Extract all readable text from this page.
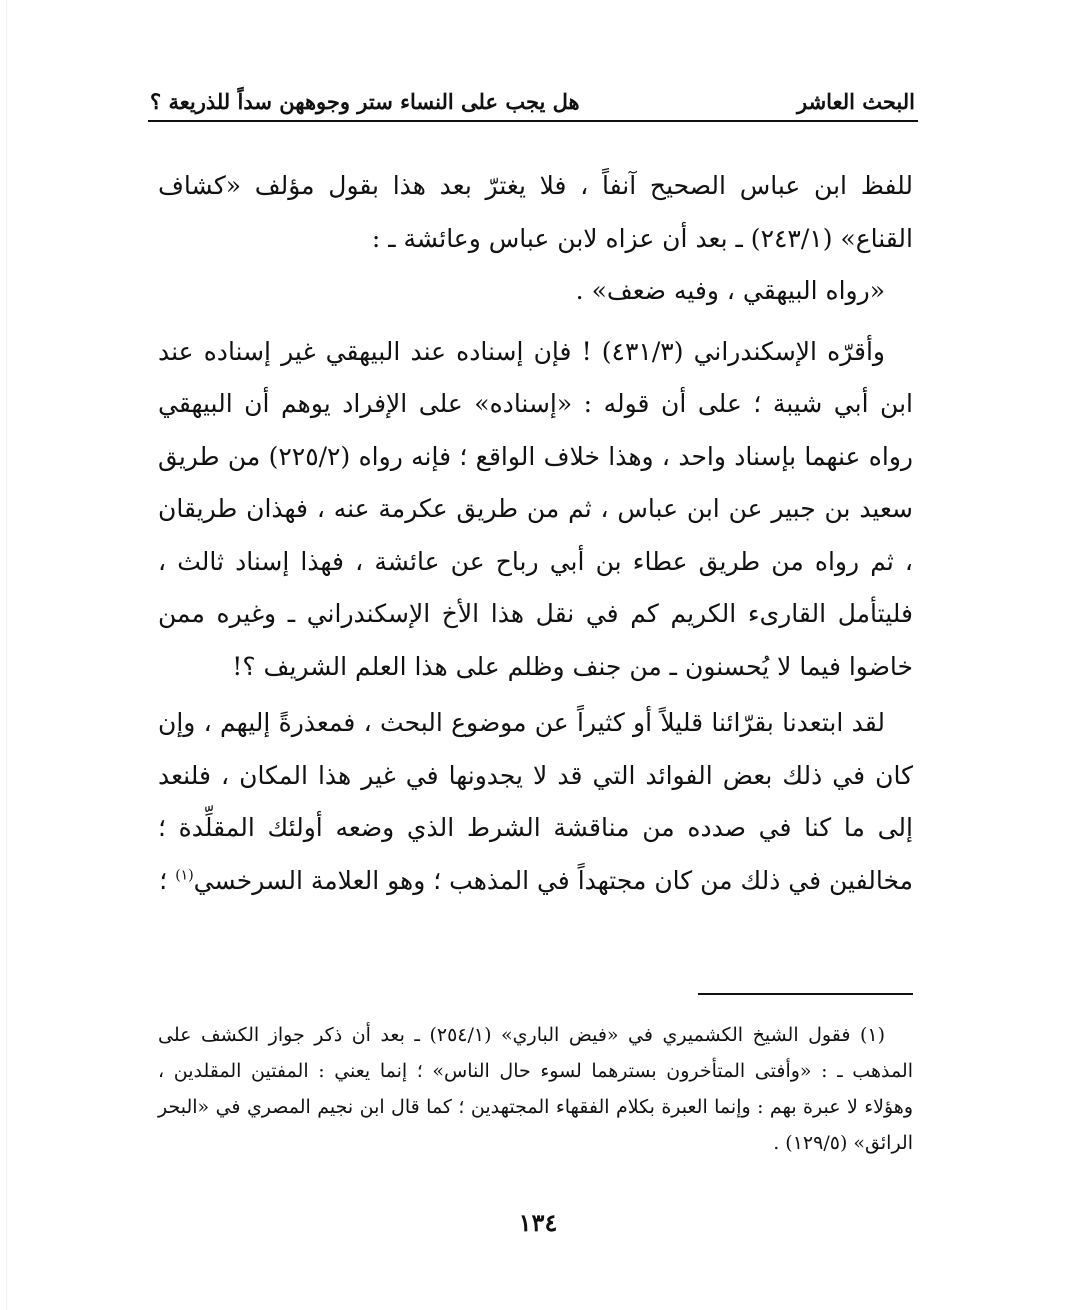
البحث العاشر
هل يجب على النساء ستر وجوههن سداً للذريعة ؟

للفظ ابن عباس الصحيح آنفاً ، فلا يغترّ بعد هذا بقول مؤلف «كشاف القناع» (٢٤٣/١) ـ بعد أن عزاه لابن عباس وعائشة ـ :

«رواه البيهقي ، وفيه ضعف» .

وأقرّه الإسكندراني (٤٣١/٣) ! فإن إسناده عند البيهقي غير إسناده عند ابن أبي شيبة ؛ على أن قوله : «إسناده» على الإفراد يوهم أن البيهقي رواه عنهما بإسناد واحد ، وهذا خلاف الواقع ؛ فإنه رواه (٢٢٥/٢) من طريق سعيد بن جبير عن ابن عباس ، ثم من طريق عكرمة عنه ، فهذان طريقان ، ثم رواه من طريق عطاء بن أبي رباح عن عائشة ، فهذا إسناد ثالث ، فليتأمل القارىء الكريم كم في نقل هذا الأخ الإسكندراني ـ وغيره ممن خاضوا فيما لا يُحسنون ـ من جنف وظلم على هذا العلم الشريف ؟!

لقد ابتعدنا بقرّائنا قليلاً أو كثيراً عن موضوع البحث ، فمعذرةً إليهم ، وإن كان في ذلك بعض الفوائد التي قد لا يجدونها في غير هذا المكان ، فلنعد إلى ما كنا في صدده من مناقشة الشرط الذي وضعه أولئك المقلِّدة ؛ مخالفين في ذلك من كان مجتهداً في المذهب ؛ وهو العلامة السرخسي$^{(١)}$ ؛

(١) فقول الشيخ الكشميري في «فيض الباري» (٢٥٤/١) ـ بعد أن ذكر جواز الكشف على المذهب ـ : «وأفتى المتأخرون بسترهما لسوء حال الناس» ؛ إنما يعني : المفتين المقلدين ، وهؤلاء لا عبرة بهم : وإنما العبرة بكلام الفقهاء المجتهدين ؛ كما قال ابن نجيم المصري في «البحر الرائق» (١٢٩/٥) .

١٣٤
